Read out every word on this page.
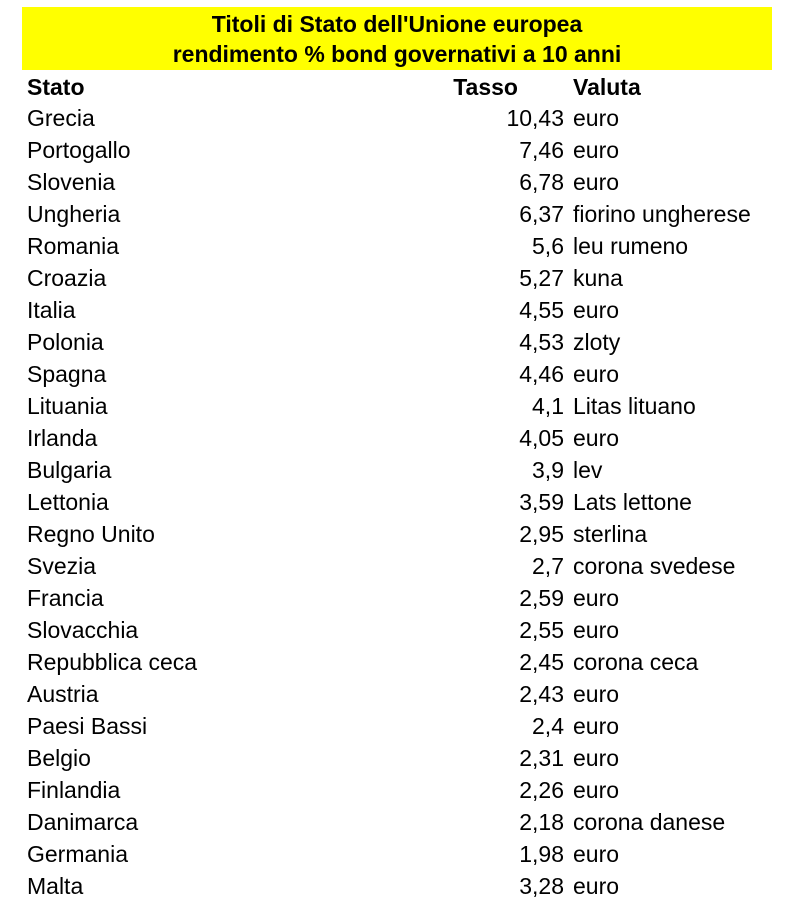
Titoli di Stato dell'Unione europea
rendimento % bond governativi a 10 anni
Stato	Tasso Valuta
Grecia	10,43 euro
Portogallo	7,46 euro
Slovenia	6,78 euro
Ungheria	6,37 fiorino ungherese
Romania	5,6 leu rumeno
Croazia	5,27 kuna
Italia	4,55 euro
Polonia	4,53 zloty
Spagna	4,46 euro
Lituania	4,1 Litas lituano
Irlanda	4,05 euro
Bulgaria	3,9 lev
Lettonia	3,59 Lats lettone
Regno Unito	2,95 sterlina
Svezia	2,7 corona svedese
Francia	2,59 euro
Slovacchia	2,55 euro
Repubblica ceca	2,45 corona ceca
Austria	2,43 euro
Paesi Bassi	2,4 euro
Belgio	2,31 euro
Finlandia	2,26 euro
Danimarca	2,18 corona danese
Germania	1,98 euro
Malta	3,28 euro
